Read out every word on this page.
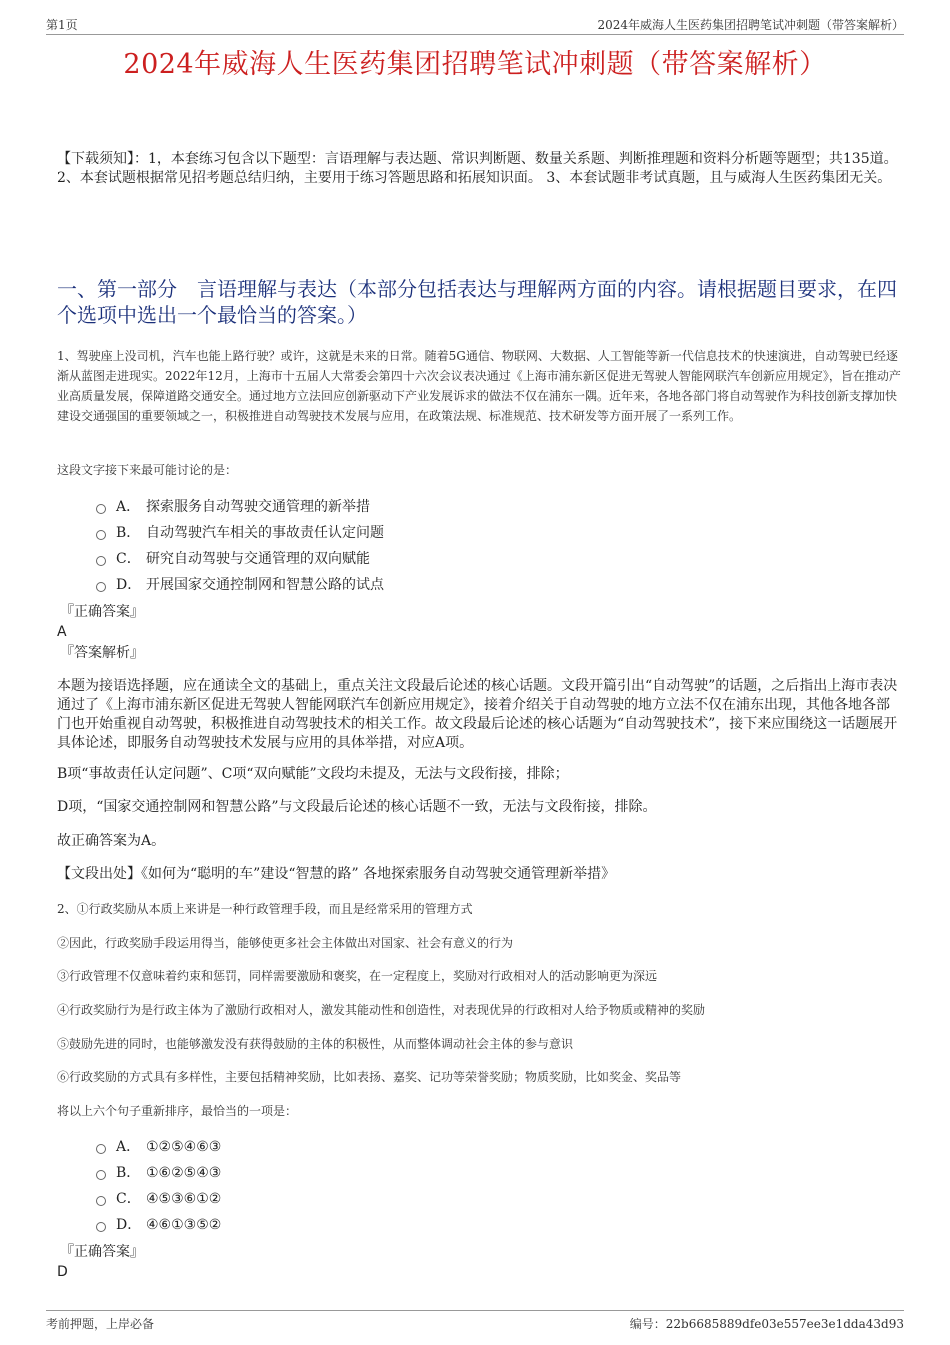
第1页	2024年威海人生医药集团招聘笔试冲刺题（带答案解析）
2024年威海人生医药集团招聘笔试冲刺题（带答案解析）
【下载须知】：1，本套练习包含以下题型：言语理解与表达题、常识判断题、数量关系题、判断推理题和资料分析题等题型；共135道。 2、本套试题根据常见招考题总结归纳，主要用于练习答题思路和拓展知识面。 3、本套试题非考试真题，且与威海人生医药集团无关。
一、第一部分　言语理解与表达（本部分包括表达与理解两方面的内容。请根据题目要求，在四个选项中选出一个最恰当的答案。）
1、驾驶座上没司机，汽车也能上路行驶？或许，这就是未来的日常。随着5G通信、物联网、大数据、人工智能等新一代信息技术的快速演进，自动驾驶已经逐渐从蓝图走进现实。2022年12月，上海市十五届人大常委会第四十六次会议表决通过《上海市浦东新区促进无驾驶人智能网联汽车创新应用规定》，旨在推动产业高质量发展，保障道路交通安全。通过地方立法回应创新驱动下产业发展诉求的做法不仅在浦东一隅。近年来，各地各部门将自动驾驶作为科技创新支撑加快建设交通强国的重要领域之一，积极推进自动驾驶技术发展与应用，在政策法规、标准规范、技术研发等方面开展了一系列工作。
这段文字接下来最可能讨论的是：
A． 探索服务自动驾驶交通管理的新举措
B． 自动驾驶汽车相关的事故责任认定问题
C． 研究自动驾驶与交通管理的双向赋能
D． 开展国家交通控制网和智慧公路的试点
『正确答案』
A
『答案解析』
本题为接语选择题，应在通读全文的基础上，重点关注文段最后论述的核心话题。文段开篇引出“自动驾驶”的话题，之后指出上海市表决通过了《上海市浦东新区促进无驾驶人智能网联汽车创新应用规定》，接着介绍关于自动驾驶的地方立法不仅在浦东出现，其他各地各部门也开始重视自动驾驶，积极推进自动驾驶技术的相关工作。故文段最后论述的核心话题为“自动驾驶技术”，接下来应围绕这一话题展开具体论述，即服务自动驾驶技术发展与应用的具体举措，对应A项。
B项“事故责任认定问题”、C项“双向赋能”文段均未提及，无法与文段衔接，排除；
D项，“国家交通控制网和智慧公路”与文段最后论述的核心话题不一致，无法与文段衔接，排除。
故正确答案为A。
【文段出处】《如何为“聪明的车”建设“智慧的路” 各地探索服务自动驾驶交通管理新举措》
2、①行政奖励从本质上来讲是一种行政管理手段，而且是经常采用的管理方式
②因此，行政奖励手段运用得当，能够使更多社会主体做出对国家、社会有意义的行为
③行政管理不仅意味着约束和惩罚，同样需要激励和褒奖，在一定程度上，奖励对行政相对人的活动影响更为深远
④行政奖励行为是行政主体为了激励行政相对人，激发其能动性和创造性，对表现优异的行政相对人给予物质或精神的奖励
⑤鼓励先进的同时，也能够激发没有获得鼓励的主体的积极性，从而整体调动社会主体的参与意识
⑥行政奖励的方式具有多样性，主要包括精神奖励，比如表扬、嘉奖、记功等荣誉奖励；物质奖励，比如奖金、奖品等
将以上六个句子重新排序，最恰当的一项是：
A． ①②⑤④⑥③
B． ①⑥②⑤④③
C． ④⑤③⑥①②
D． ④⑥①③⑤②
『正确答案』
D
考前押题，上岸必备	编号：22b6685889dfe03e557ee3e1dda43d93
